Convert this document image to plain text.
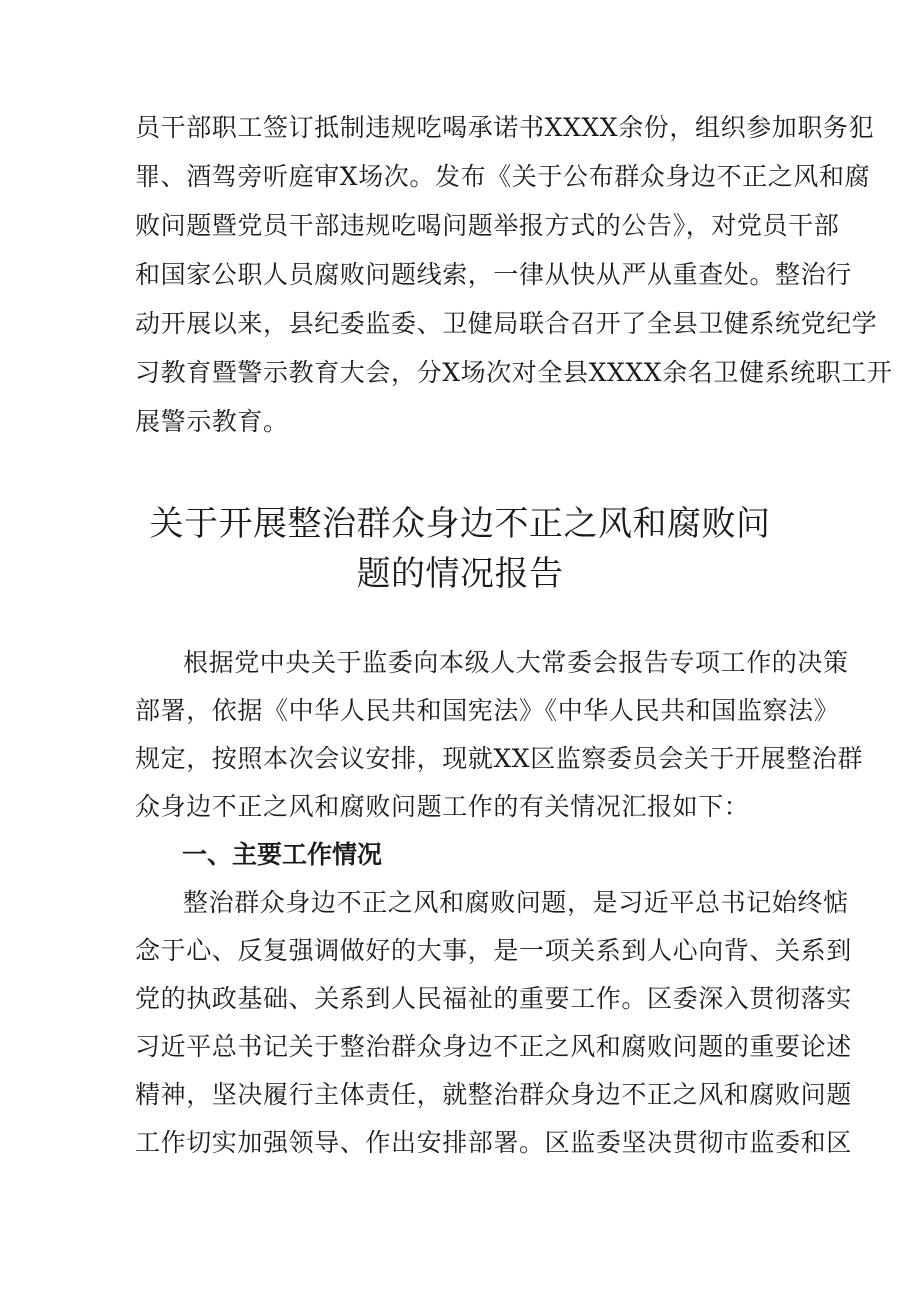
员干部职工签订抵制违规吃喝承诺书XXXX余份，组织参加职务犯
罪、酒驾旁听庭审X场次。发布《关于公布群众身边不正之风和腐
败问题暨党员干部违规吃喝问题举报方式的公告》，对党员干部
和国家公职人员腐败问题线索，一律从快从严从重查处。整治行
动开展以来，县纪委监委、卫健局联合召开了全县卫健系统党纪学
习教育暨警示教育大会，分X场次对全县XXXX余名卫健系统职工开
展警示教育。
关于开展整治群众身边不正之风和腐败问
题的情况报告
根据党中央关于监委向本级人大常委会报告专项工作的决策
部署，依据《中华人民共和国宪法》《中华人民共和国监察法》
规定，按照本次会议安排，现就XX区监察委员会关于开展整治群
众身边不正之风和腐败问题工作的有关情况汇报如下：
一、主要工作情况
整治群众身边不正之风和腐败问题，是习近平总书记始终惦
念于心、反复强调做好的大事，是一项关系到人心向背、关系到
党的执政基础、关系到人民福祉的重要工作。区委深入贯彻落实
习近平总书记关于整治群众身边不正之风和腐败问题的重要论述
精神，坚决履行主体责任，就整治群众身边不正之风和腐败问题
工作切实加强领导、作出安排部署。区监委坚决贯彻市监委和区
